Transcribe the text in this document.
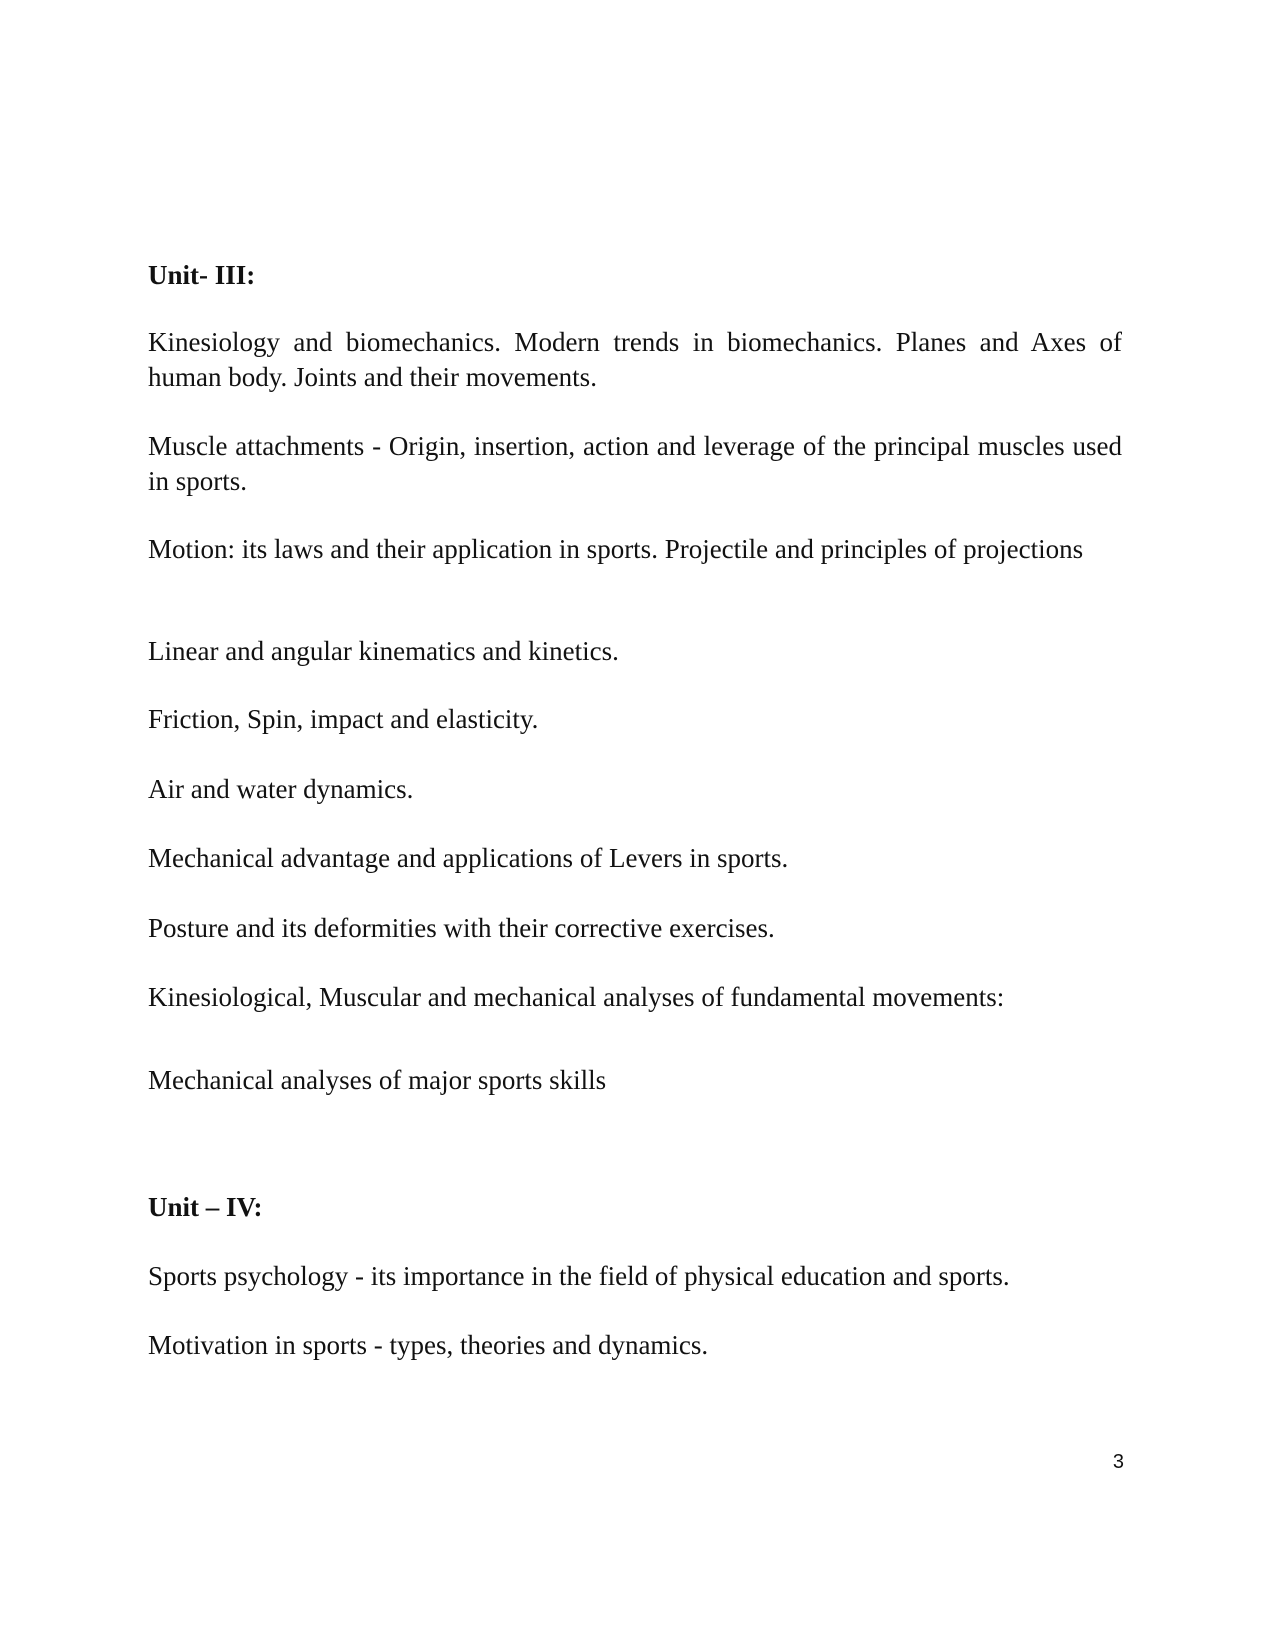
Unit- III:

Kinesiology and biomechanics. Modern trends in biomechanics. Planes and Axes of human body. Joints and their movements.

Muscle attachments - Origin, insertion, action and leverage of the principal muscles used in sports.

Motion: its laws and their application in sports. Projectile and principles of projections

Linear and angular kinematics and kinetics.

Friction, Spin, impact and elasticity.

Air and water dynamics.

Mechanical advantage and applications of Levers in sports.

Posture and its deformities with their corrective exercises.

Kinesiological, Muscular and mechanical analyses of fundamental movements:

Mechanical analyses of major sports skills

Unit – IV:

Sports psychology - its importance in the field of physical education and sports.

Motivation in sports - types, theories and dynamics.

3
